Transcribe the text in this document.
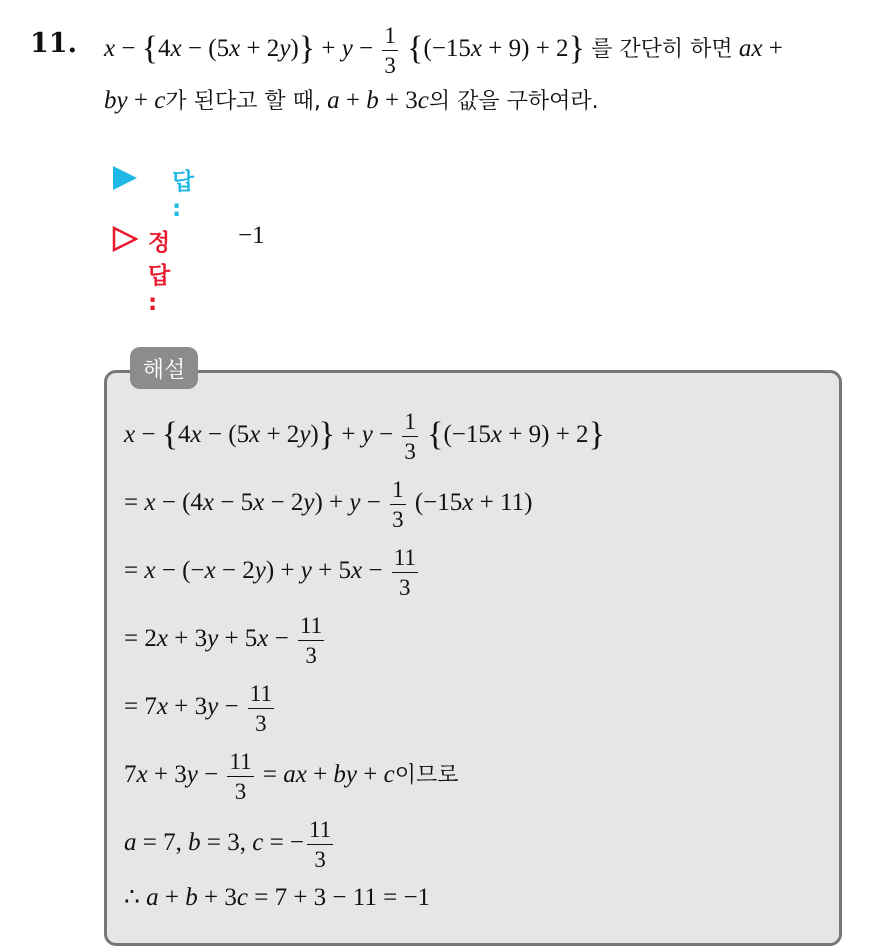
11. $x - \{4x - (5x + 2y)\} + y - \frac{1}{3} \{(-15x + 9) + 2\}$ 를 간단히 하면 ax +
by + c가 된다고 할 때, a + b + 3c의 값을 구하여라.
답 :
정답 :
−1
해설
$x - \{4x - (5x + 2y)\} + y - \frac{1}{3} \{(-15x + 9) + 2\}$
= $x - (4x - 5x - 2y) + y - \frac{1}{3} (-15x + 11)$
= $x - (-x - 2y) + y + 5x - \frac{11}{3}$
= $2x + 3y + 5x - \frac{11}{3}$
= $7x + 3y - \frac{11}{3}$
$7x + 3y - \frac{11}{3}$ = ax + by + c이므로
a = 7, b = 3, c = − $\frac{11}{3}$
∴ a + b + 3c = 7 + 3 − 11 = −1
